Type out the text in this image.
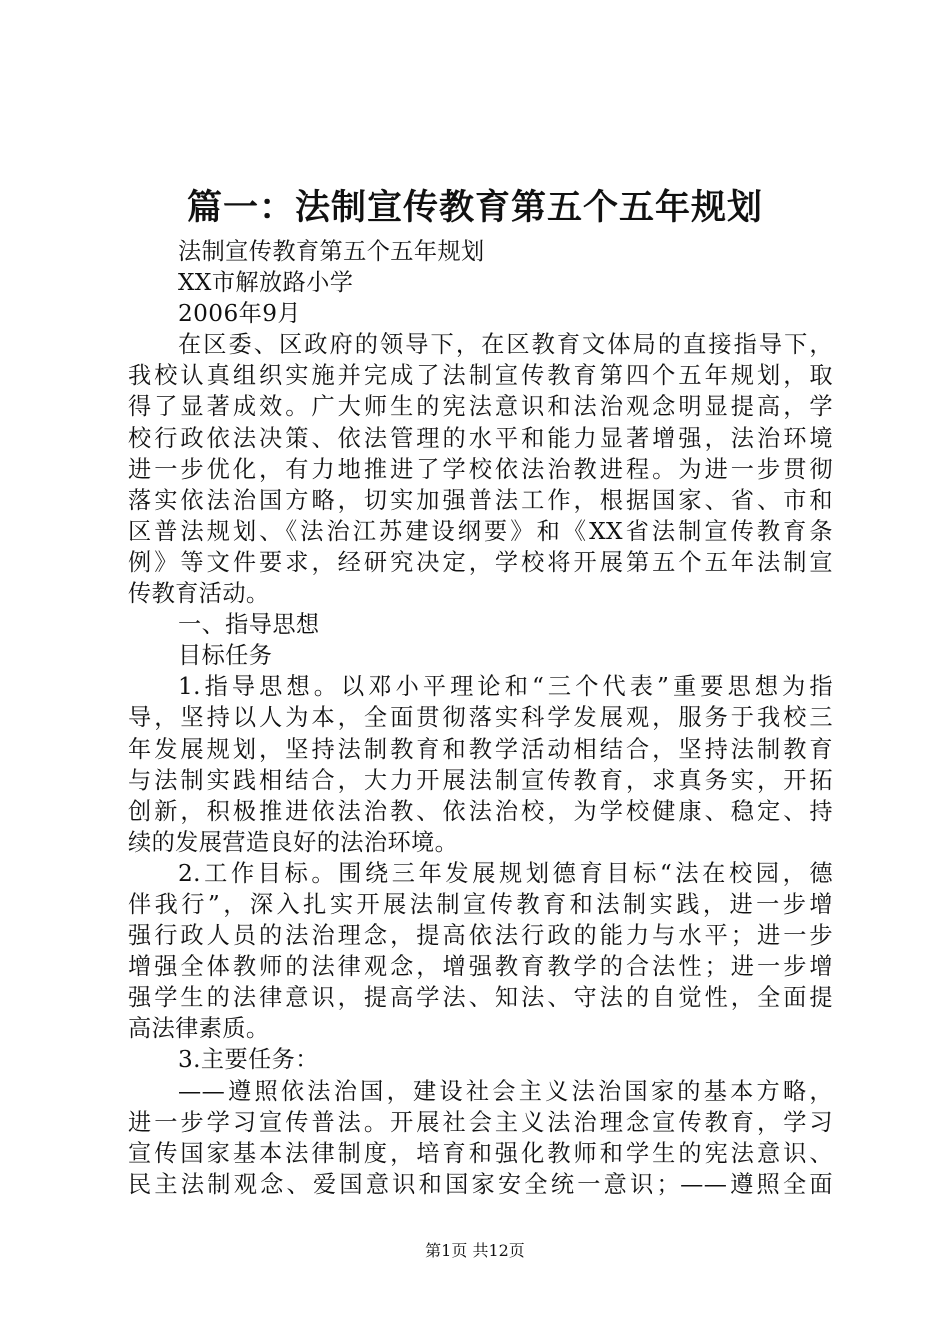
篇一：法制宣传教育第五个五年规划
法制宣传教育第五个五年规划
XX市解放路小学
2006年9月
在区委、区政府的领导下，在区教育文体局的直接指导下，
我校认真组织实施并完成了法制宣传教育第四个五年规划，取
得了显著成效。广大师生的宪法意识和法治观念明显提高，学
校行政依法决策、依法管理的水平和能力显著增强，法治环境
进一步优化，有力地推进了学校依法治教进程。为进一步贯彻
落实依法治国方略，切实加强普法工作，根据国家、省、市和
区普法规划、《法治江苏建设纲要》和《XX省法制宣传教育条
例》等文件要求，经研究决定，学校将开展第五个五年法制宣
传教育活动。
一、指导思想
目标任务
1.指导思想。以邓小平理论和“三个代表”重要思想为指
导，坚持以人为本，全面贯彻落实科学发展观，服务于我校三
年发展规划，坚持法制教育和教学活动相结合，坚持法制教育
与法制实践相结合，大力开展法制宣传教育，求真务实，开拓
创新，积极推进依法治教、依法治校，为学校健康、稳定、持
续的发展营造良好的法治环境。
2.工作目标。围绕三年发展规划德育目标“法在校园，德
伴我行”，深入扎实开展法制宣传教育和法制实践，进一步增
强行政人员的法治理念，提高依法行政的能力与水平；进一步
增强全体教师的法律观念，增强教育教学的合法性；进一步增
强学生的法律意识，提高学法、知法、守法的自觉性，全面提
高法律素质。
3.主要任务：
——遵照依法治国，建设社会主义法治国家的基本方略，
进一步学习宣传普法。开展社会主义法治理念宣传教育，学习
宣传国家基本法律制度，培育和强化教师和学生的宪法意识、
民主法制观念、爱国意识和国家安全统一意识；——遵照全面
第1页 共12页
